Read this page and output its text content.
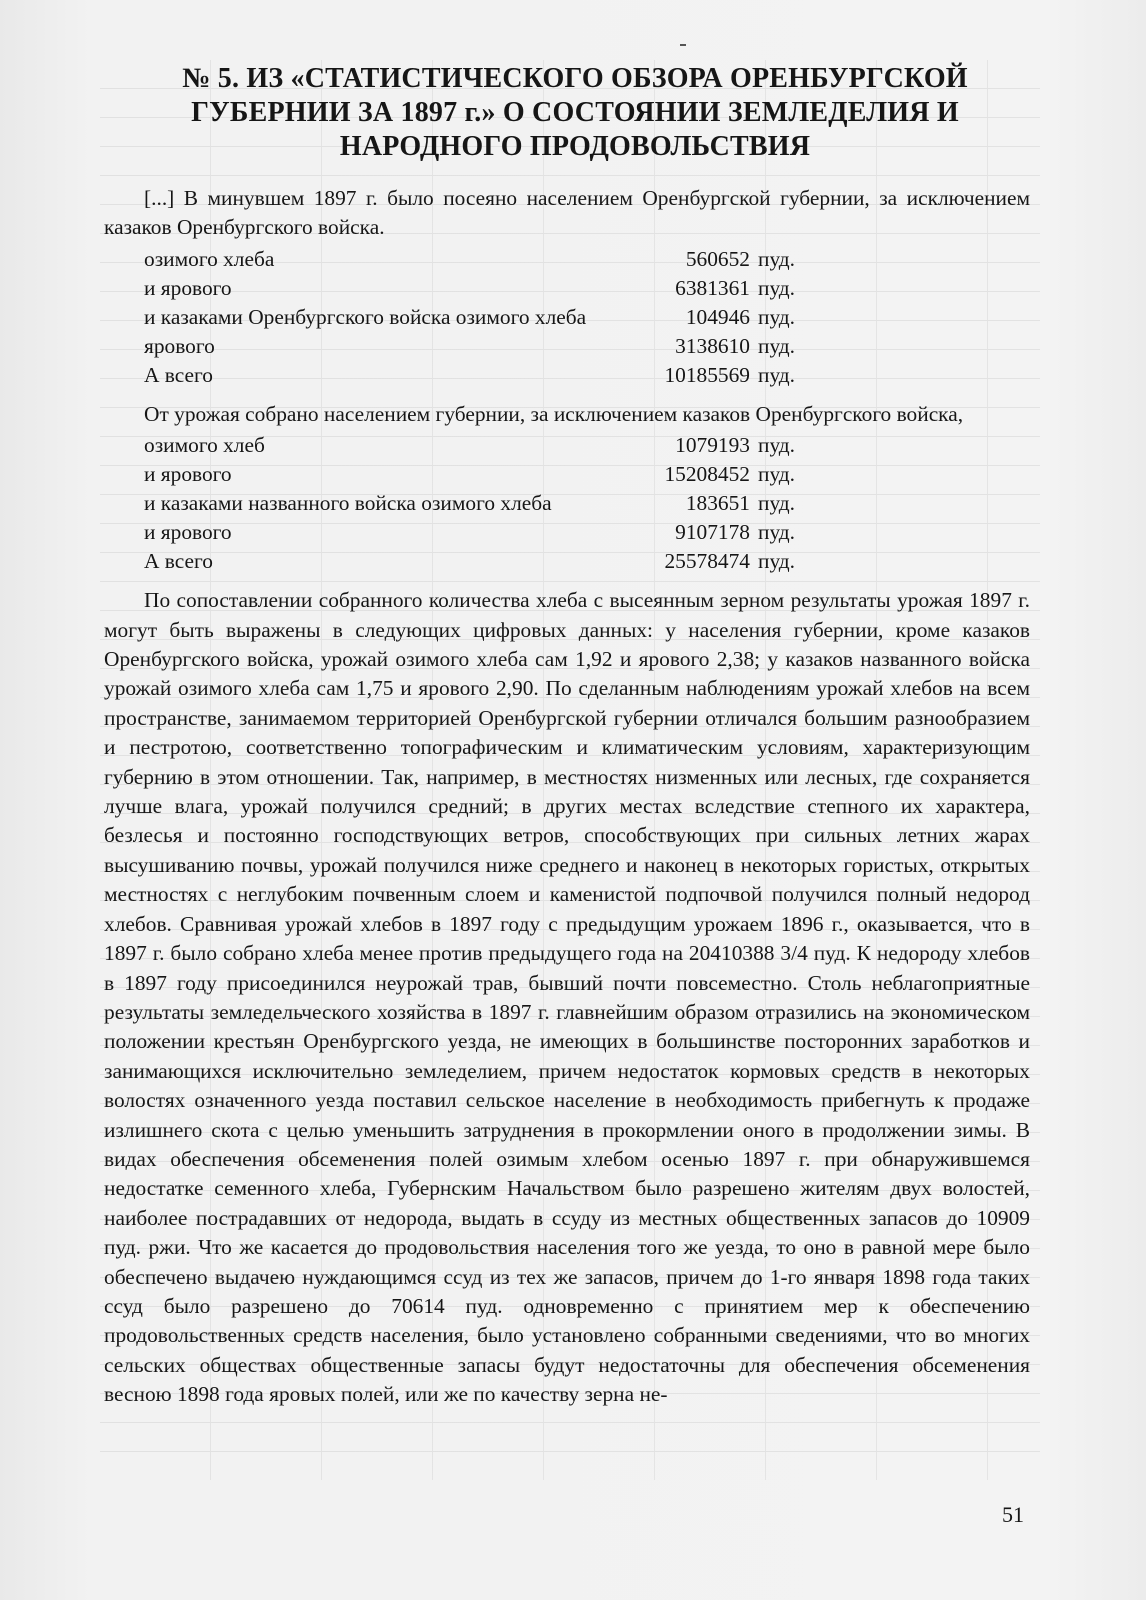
№ 5. ИЗ «СТАТИСТИЧЕСКОГО ОБЗОРА ОРЕНБУРГСКОЙ
ГУБЕРНИИ ЗА 1897 г.» О СОСТОЯНИИ ЗЕМЛЕДЕЛИЯ И
НАРОДНОГО ПРОДОВОЛЬСТВИЯ

[...] В минувшем 1897 г. было посеяно населением Оренбургской губернии, за исключением казаков Оренбургского войска.

озимого хлеба	560652 пуд.
и ярового	6381361 пуд.
и казаками Оренбургского войска озимого хлеба	104946 пуд.
ярового	3138610 пуд.
А всего	10185569 пуд.

От урожая собрано населением губернии, за исключением казаков Оренбургского войска,

озимого хлеб	1079193 пуд.
и ярового	15208452 пуд.
и казаками названного войска озимого хлеба	183651 пуд.
и ярового	9107178 пуд.
А всего	25578474 пуд.

По сопоставлении собранного количества хлеба с высеянным зерном результаты урожая 1897 г. могут быть выражены в следующих цифровых данных: у населения губернии, кроме казаков Оренбургского войска, урожай озимого хлеба сам 1,92 и ярового 2,38; у казаков названного войска урожай озимого хлеба сам 1,75 и ярового 2,90. По сделанным наблюдениям урожай хлебов на всем пространстве, занимаемом территорией Оренбургской губернии отличался большим разнообразием и пестротою, соответственно топографическим и климатическим условиям, характеризующим губернию в этом отношении. Так, например, в местностях низменных или лесных, где сохраняется лучше влага, урожай получился средний; в других местах вследствие степного их характера, безлесья и постоянно господствующих ветров, способствующих при сильных летних жарах высушиванию почвы, урожай получился ниже среднего и наконец в некоторых гористых, открытых местностях с неглубоким почвенным слоем и каменистой подпочвой получился полный недород хлебов. Сравнивая урожай хлебов в 1897 году с предыдущим урожаем 1896 г., оказывается, что в 1897 г. было собрано хлеба менее против предыдущего года на 20410388 3/4 пуд. К недороду хлебов в 1897 году присоединился неурожай трав, бывший почти повсеместно. Столь неблагоприятные результаты земледельческого хозяйства в 1897 г. главнейшим образом отразились на экономическом положении крестьян Оренбургского уезда, не имеющих в большинстве посторонних заработков и занимающихся исключительно земледелием, причем недостаток кормовых средств в некоторых волостях означенного уезда поставил сельское население в необходимость прибегнуть к продаже излишнего скота с целью уменьшить затруднения в прокормлении оного в продолжении зимы. В видах обеспечения обсеменения полей озимым хлебом осенью 1897 г. при обнаружившемся недостатке семенного хлеба, Губернским Начальством было разрешено жителям двух волостей, наиболее пострадавших от недорода, выдать в ссуду из местных общественных запасов до 10909 пуд. ржи. Что же касается до продовольствия населения того же уезда, то оно в равной мере было обеспечено выдачею нуждающимся ссуд из тех же запасов, причем до 1-го января 1898 года таких ссуд было разрешено до 70614 пуд. одновременно с принятием мер к обеспечению продовольственных средств населения, было установлено собранными сведениями, что во многих сельских обществах общественные запасы будут недостаточны для обеспечения обсеменения весною 1898 года яровых полей, или же по качеству зерна не-

51
